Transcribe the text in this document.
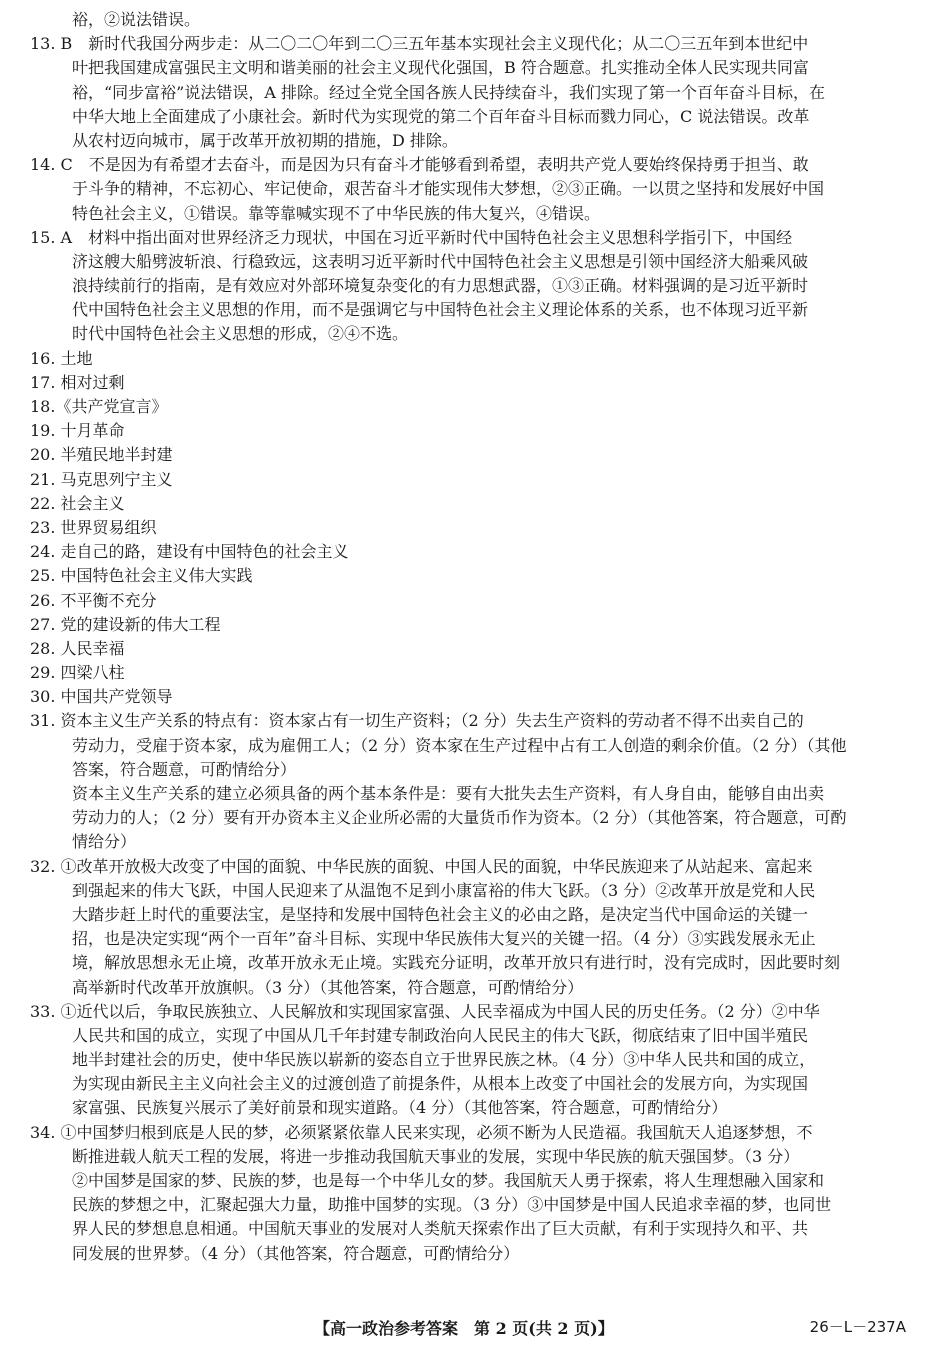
裕，②说法错误。
13. B　新时代我国分两步走：从二〇二〇年到二〇三五年基本实现社会主义现代化；从二〇三五年到本世纪中
叶把我国建成富强民主文明和谐美丽的社会主义现代化强国，B 符合题意。扎实推动全体人民实现共同富
裕，“同步富裕”说法错误，A 排除。经过全党全国各族人民持续奋斗，我们实现了第一个百年奋斗目标，在
中华大地上全面建成了小康社会。新时代为实现党的第二个百年奋斗目标而戮力同心，C 说法错误。改革
从农村迈向城市，属于改革开放初期的措施，D 排除。
14. C　不是因为有希望才去奋斗，而是因为只有奋斗才能够看到希望，表明共产党人要始终保持勇于担当、敢
于斗争的精神，不忘初心、牢记使命，艰苦奋斗才能实现伟大梦想，②③正确。一以贯之坚持和发展好中国
特色社会主义，①错误。靠等靠喊实现不了中华民族的伟大复兴，④错误。
15. A　材料中指出面对世界经济乏力现状，中国在习近平新时代中国特色社会主义思想科学指引下，中国经
济这艘大船劈波斩浪、行稳致远，这表明习近平新时代中国特色社会主义思想是引领中国经济大船乘风破
浪持续前行的指南，是有效应对外部环境复杂变化的有力思想武器，①③正确。材料强调的是习近平新时
代中国特色社会主义思想的作用，而不是强调它与中国特色社会主义理论体系的关系，也不体现习近平新
时代中国特色社会主义思想的形成，②④不选。
16. 土地
17. 相对过剩
18.《共产党宣言》
19. 十月革命
20. 半殖民地半封建
21. 马克思列宁主义
22. 社会主义
23. 世界贸易组织
24. 走自己的路，建设有中国特色的社会主义
25. 中国特色社会主义伟大实践
26. 不平衡不充分
27. 党的建设新的伟大工程
28. 人民幸福
29. 四梁八柱
30. 中国共产党领导
31. 资本主义生产关系的特点有：资本家占有一切生产资料；（2 分）失去生产资料的劳动者不得不出卖自己的
劳动力，受雇于资本家，成为雇佣工人；（2 分）资本家在生产过程中占有工人创造的剩余价值。（2 分）（其他
答案，符合题意，可酌情给分）
资本主义生产关系的建立必须具备的两个基本条件是：要有大批失去生产资料，有人身自由，能够自由出卖
劳动力的人；（2 分）要有开办资本主义企业所必需的大量货币作为资本。（2 分）（其他答案，符合题意，可酌
情给分）
32. ①改革开放极大改变了中国的面貌、中华民族的面貌、中国人民的面貌，中华民族迎来了从站起来、富起来
到强起来的伟大飞跃，中国人民迎来了从温饱不足到小康富裕的伟大飞跃。（3 分）②改革开放是党和人民
大踏步赶上时代的重要法宝，是坚持和发展中国特色社会主义的必由之路，是决定当代中国命运的关键一
招，也是决定实现“两个一百年”奋斗目标、实现中华民族伟大复兴的关键一招。（4 分）③实践发展永无止
境，解放思想永无止境，改革开放永无止境。实践充分证明，改革开放只有进行时，没有完成时，因此要时刻
高举新时代改革开放旗帜。（3 分）（其他答案，符合题意，可酌情给分）
33. ①近代以后，争取民族独立、人民解放和实现国家富强、人民幸福成为中国人民的历史任务。（2 分）②中华
人民共和国的成立，实现了中国从几千年封建专制政治向人民民主的伟大飞跃，彻底结束了旧中国半殖民
地半封建社会的历史，使中华民族以崭新的姿态自立于世界民族之林。（4 分）③中华人民共和国的成立，
为实现由新民主主义向社会主义的过渡创造了前提条件，从根本上改变了中国社会的发展方向，为实现国
家富强、民族复兴展示了美好前景和现实道路。（4 分）（其他答案，符合题意，可酌情给分）
34. ①中国梦归根到底是人民的梦，必须紧紧依靠人民来实现，必须不断为人民造福。我国航天人追逐梦想，不
断推进载人航天工程的发展，将进一步推动我国航天事业的发展，实现中华民族的航天强国梦。（3 分）
②中国梦是国家的梦、民族的梦，也是每一个中华儿女的梦。我国航天人勇于探索，将人生理想融入国家和
民族的梦想之中，汇聚起强大力量，助推中国梦的实现。（3 分）③中国梦是中国人民追求幸福的梦，也同世
界人民的梦想息息相通。中国航天事业的发展对人类航天探索作出了巨大贡献，有利于实现持久和平、共
同发展的世界梦。（4 分）（其他答案，符合题意，可酌情给分）
【高一政治参考答案　第 2 页(共 2 页)】	26－L－237A
